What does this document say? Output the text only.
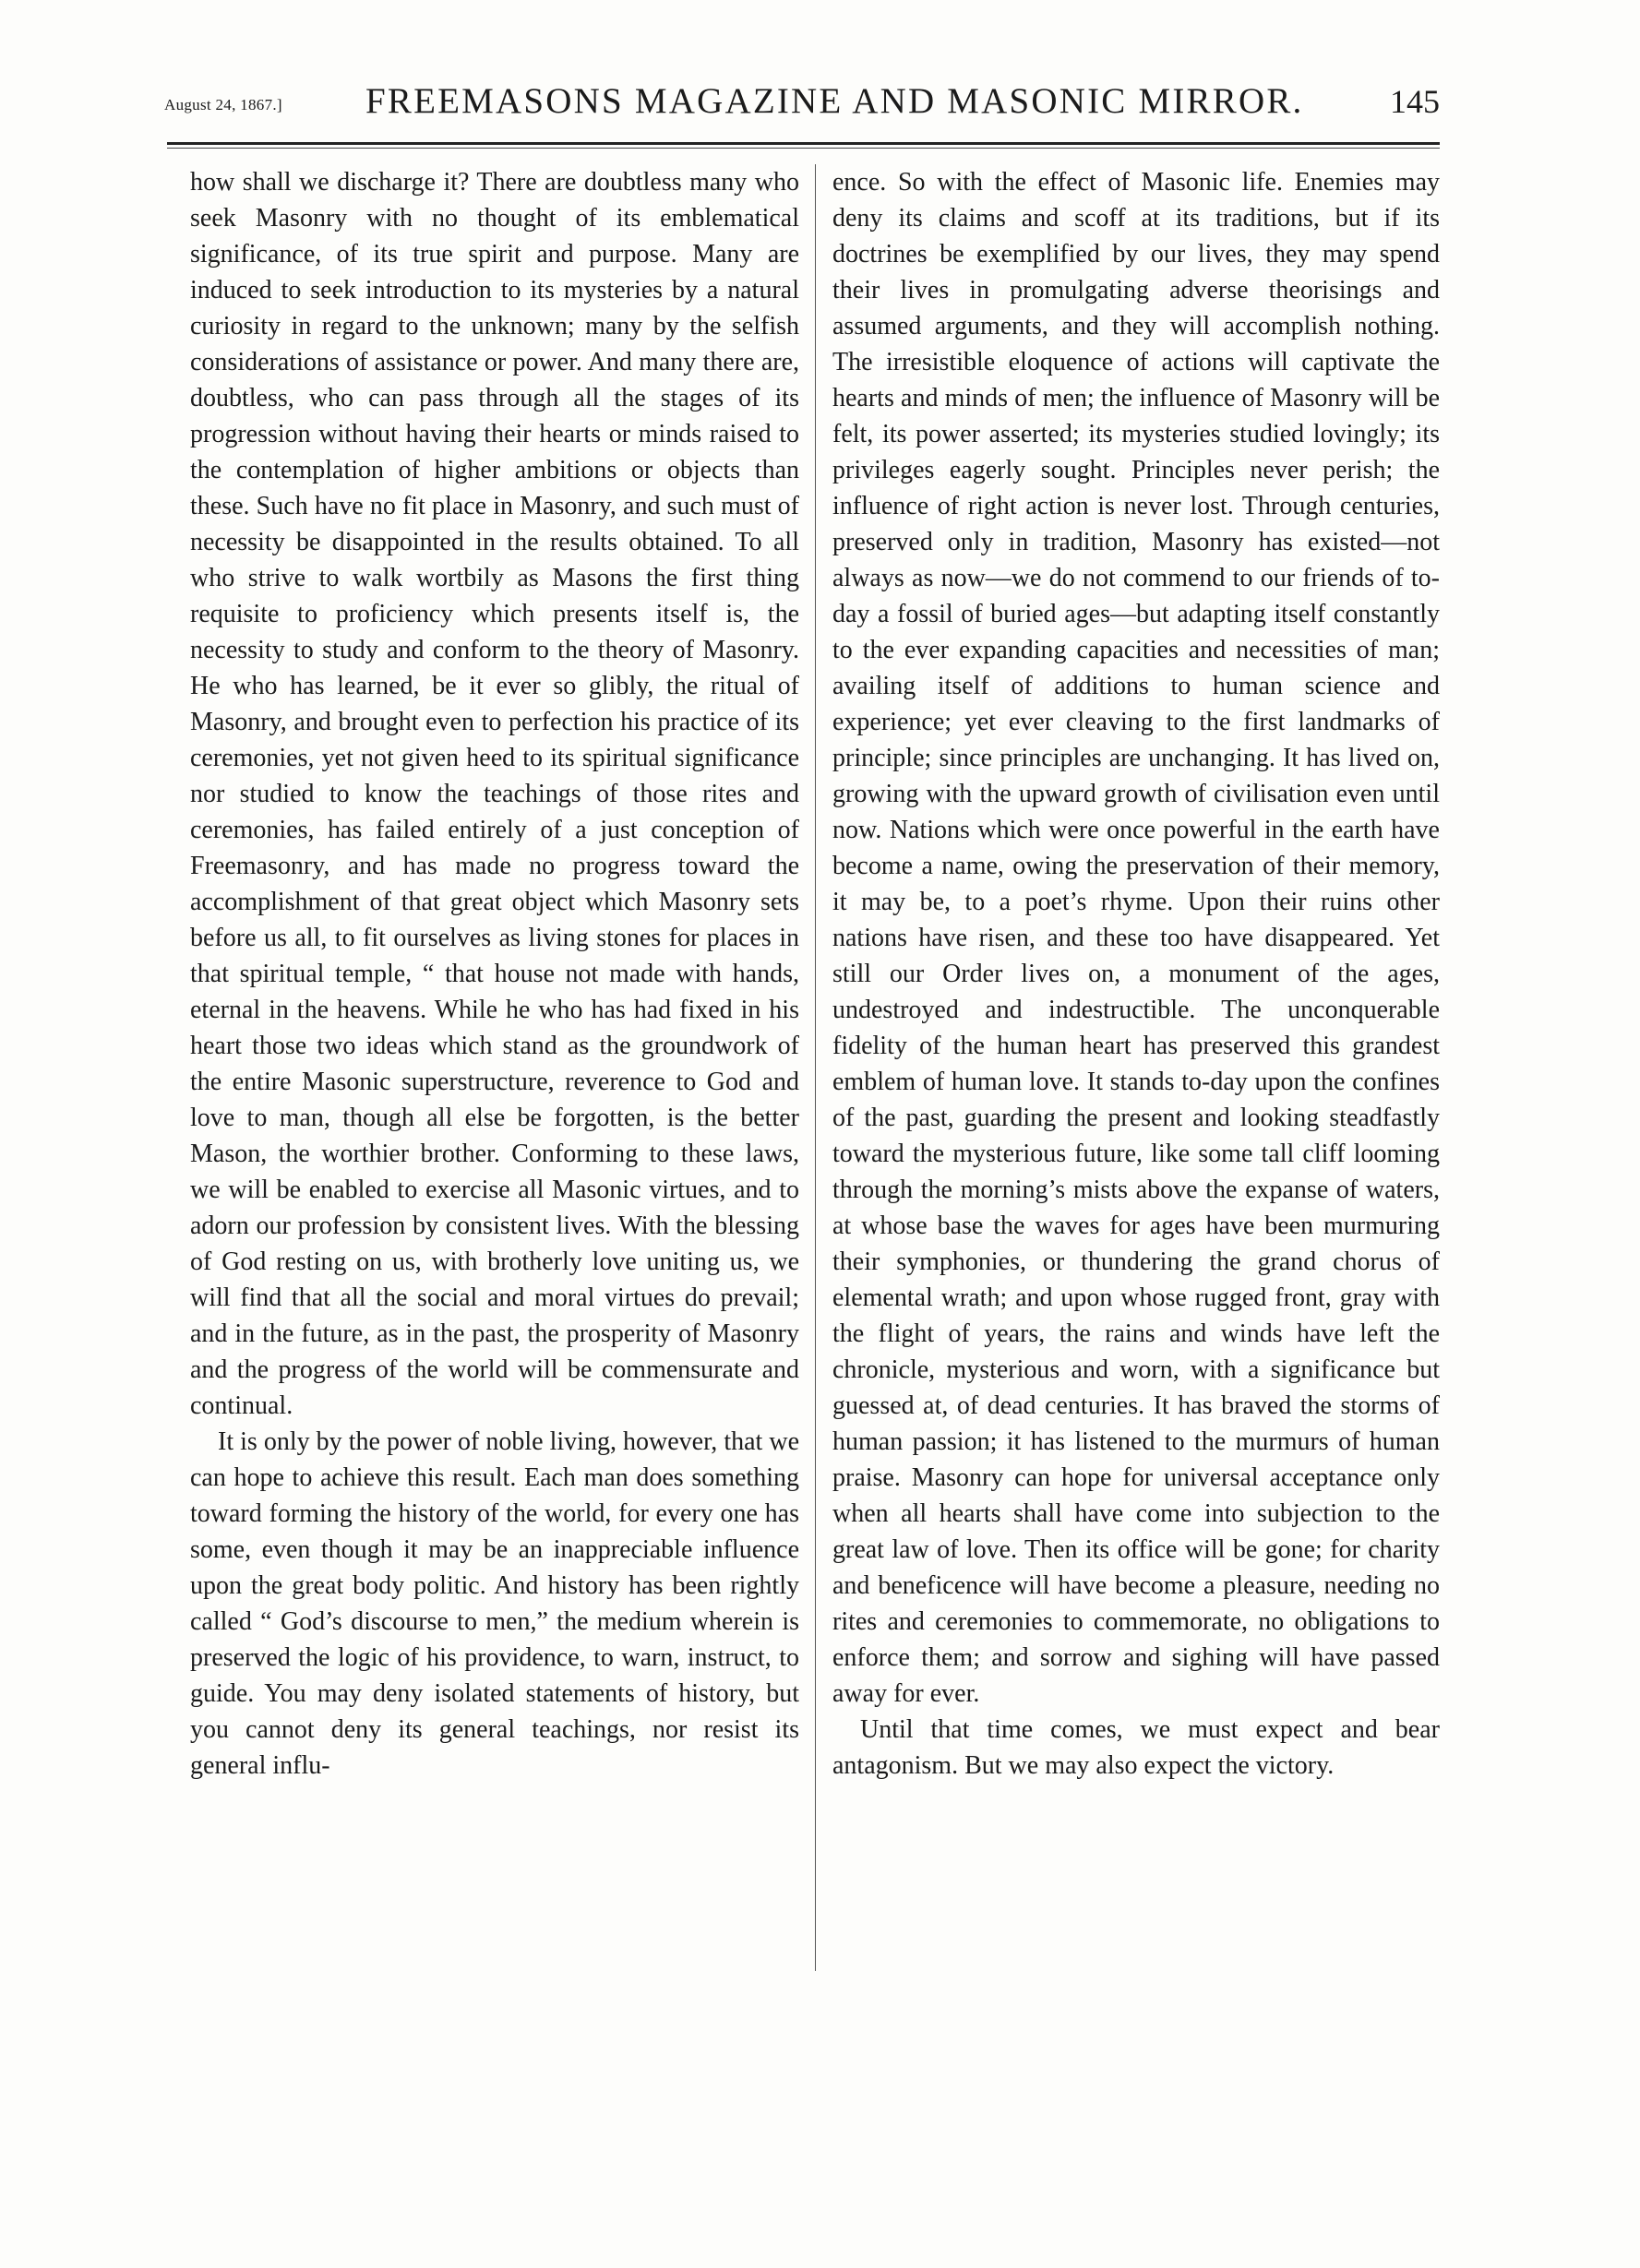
August 24, 1867.] FREEMASONS MAGAZINE AND MASONIC MIRROR.	145

how shall we discharge it? There are doubtless many who seek Masonry with no thought of its emblematical significance, of its true spirit and purpose. Many are induced to seek introduction to its mysteries by a natural curiosity in regard to the unknown; many by the selfish considerations of assistance or power. And many there are, doubtless, who can pass through all the stages of its progression without having their hearts or minds raised to the contemplation of higher ambitions or objects than these. Such have no fit place in Masonry, and such must of necessity be disappointed in the results obtained. To all who strive to walk wortbily as Masons the first thing requisite to proficiency which presents itself is, the necessity to study and conform to the theory of Masonry. He who has learned, be it ever so glibly, the ritual of Masonry, and brought even to perfection his practice of its ceremonies, yet not given heed to its spiritual significance nor studied to know the teachings of those rites and ceremonies, has failed entirely of a just conception of Freemasonry, and has made no progress toward the accomplishment of that great object which Masonry sets before us all, to fit ourselves as living stones for places in that spiritual temple, “ that house not made with hands, eternal in the heavens. While he who has had fixed in his heart those two ideas which stand as the groundwork of the entire Masonic superstructure, reverence to God and love to man, though all else be forgotten, is the better Mason, the worthier brother. Conforming to these laws, we will be enabled to exercise all Masonic virtues, and to adorn our profession by consistent lives. With the blessing of God resting on us, with brotherly love uniting us, we will find that all the social and moral virtues do prevail; and in the future, as in the past, the prosperity of Masonry and the progress of the world will be commensurate and continual.

It is only by the power of noble living, however, that we can hope to achieve this result. Each man does something toward forming the history of the world, for every one has some, even though it may be an inappreciable influence upon the great body politic. And history has been rightly called “ God’s discourse to men,” the medium wherein is preserved the logic of his providence, to warn, instruct, to guide. You may deny isolated statements of history, but you cannot deny its general teachings, nor resist its general influ-

ence. So with the effect of Masonic life. Enemies may deny its claims and scoff at its traditions, but if its doctrines be exemplified by our lives, they may spend their lives in promulgating adverse theorisings and assumed arguments, and they will accomplish nothing. The irresistible eloquence of actions will captivate the hearts and minds of men; the influence of Masonry will be felt, its power asserted; its mysteries studied lovingly; its privileges eagerly sought. Principles never perish; the influence of right action is never lost. Through centuries, preserved only in tradition, Masonry has existed—not always as now—we do not commend to our friends of to-day a fossil of buried ages—but adapting itself constantly to the ever expanding capacities and necessities of man; availing itself of additions to human science and experience; yet ever cleaving to the first landmarks of principle; since principles are unchanging. It has lived on, growing with the upward growth of civilisation even until now. Nations which were once powerful in the earth have become a name, owing the preservation of their memory, it may be, to a poet’s rhyme. Upon their ruins other nations have risen, and these too have disappeared. Yet still our Order lives on, a monument of the ages, undestroyed and indestructible. The unconquerable fidelity of the human heart has preserved this grandest emblem of human love. It stands to-day upon the confines of the past, guarding the present and looking steadfastly toward the mysterious future, like some tall cliff looming through the morning’s mists above the expanse of waters, at whose base the waves for ages have been murmuring their symphonies, or thundering the grand chorus of elemental wrath; and upon whose rugged front, gray with the flight of years, the rains and winds have left the chronicle, mysterious and worn, with a significance but guessed at, of dead centuries. It has braved the storms of human passion; it has listened to the murmurs of human praise. Masonry can hope for universal acceptance only when all hearts shall have come into subjection to the great law of love. Then its office will be gone; for charity and beneficence will have become a pleasure, needing no rites and ceremonies to commemorate, no obligations to enforce them; and sorrow and sighing will have passed away for ever.

Until that time comes, we must expect and bear antagonism. But we may also expect the victory.
